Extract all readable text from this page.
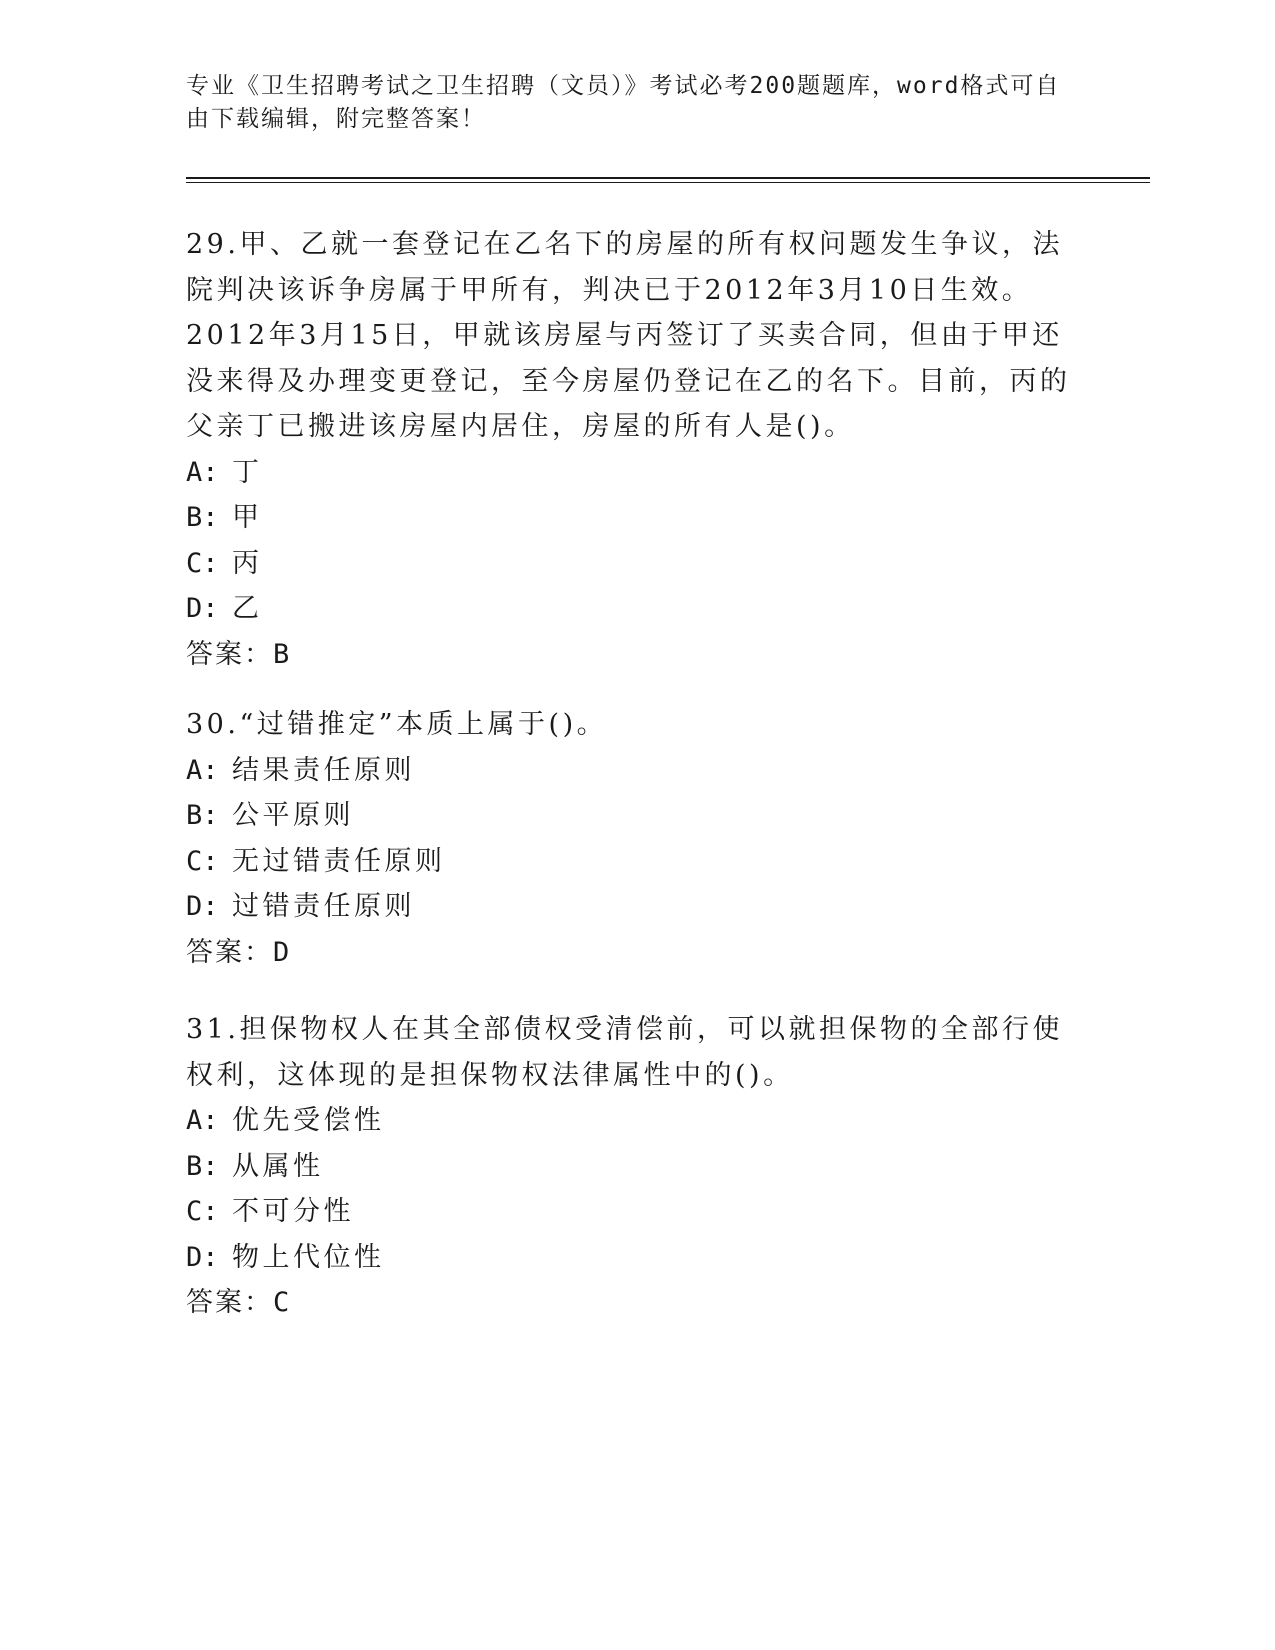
专业《卫生招聘考试之卫生招聘（文员）》考试必考200题题库，word格式可自由下载编辑，附完整答案！

29.甲、乙就一套登记在乙名下的房屋的所有权问题发生争议，法院判决该诉争房属于甲所有，判决已于2012年3月10日生效。2012年3月15日，甲就该房屋与丙签订了买卖合同，但由于甲还没来得及办理变更登记，至今房屋仍登记在乙的名下。目前，丙的父亲丁已搬进该房屋内居住，房屋的所有人是()。

A: 丁

B: 甲

C: 丙

D: 乙

答案：B

30.“过错推定”本质上属于()。

A: 结果责任原则

B: 公平原则

C: 无过错责任原则

D: 过错责任原则

答案：D

31.担保物权人在其全部债权受清偿前，可以就担保物的全部行使权利，这体现的是担保物权法律属性中的()。

A: 优先受偿性

B: 从属性

C: 不可分性

D: 物上代位性

答案：C
